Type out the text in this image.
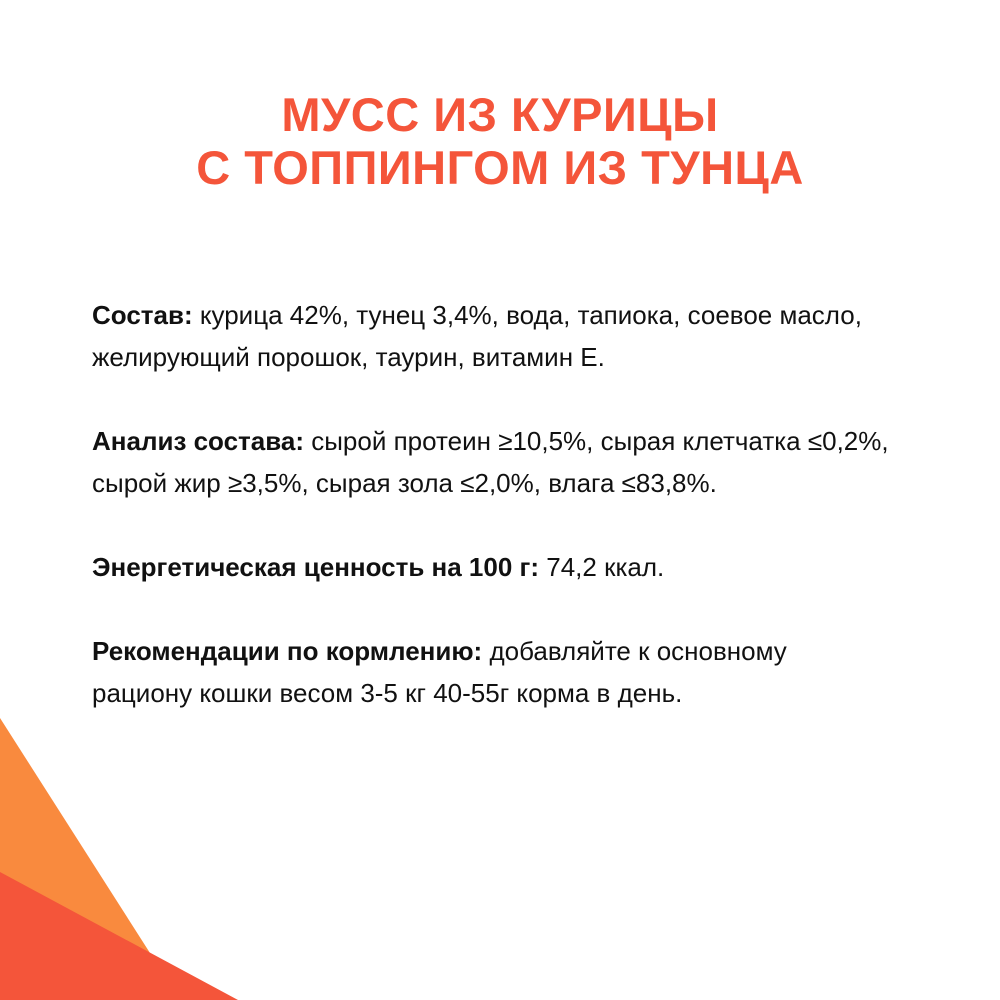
МУСС ИЗ КУРИЦЫ
С ТОППИНГОМ ИЗ ТУНЦА

Состав: курица 42%, тунец 3,4%, вода, тапиока, соевое масло, желирующий порошок, таурин, витамин Е.

Анализ состава: сырой протеин ≥10,5%, сырая клетчатка ≤0,2%, сырой жир ≥3,5%, сырая зола ≤2,0%, влага ≤83,8%.

Энергетическая ценность на 100 г: 74,2 ккал.

Рекомендации по кормлению: добавляйте к основному рациону кошки весом 3-5 кг 40-55г корма в день.
